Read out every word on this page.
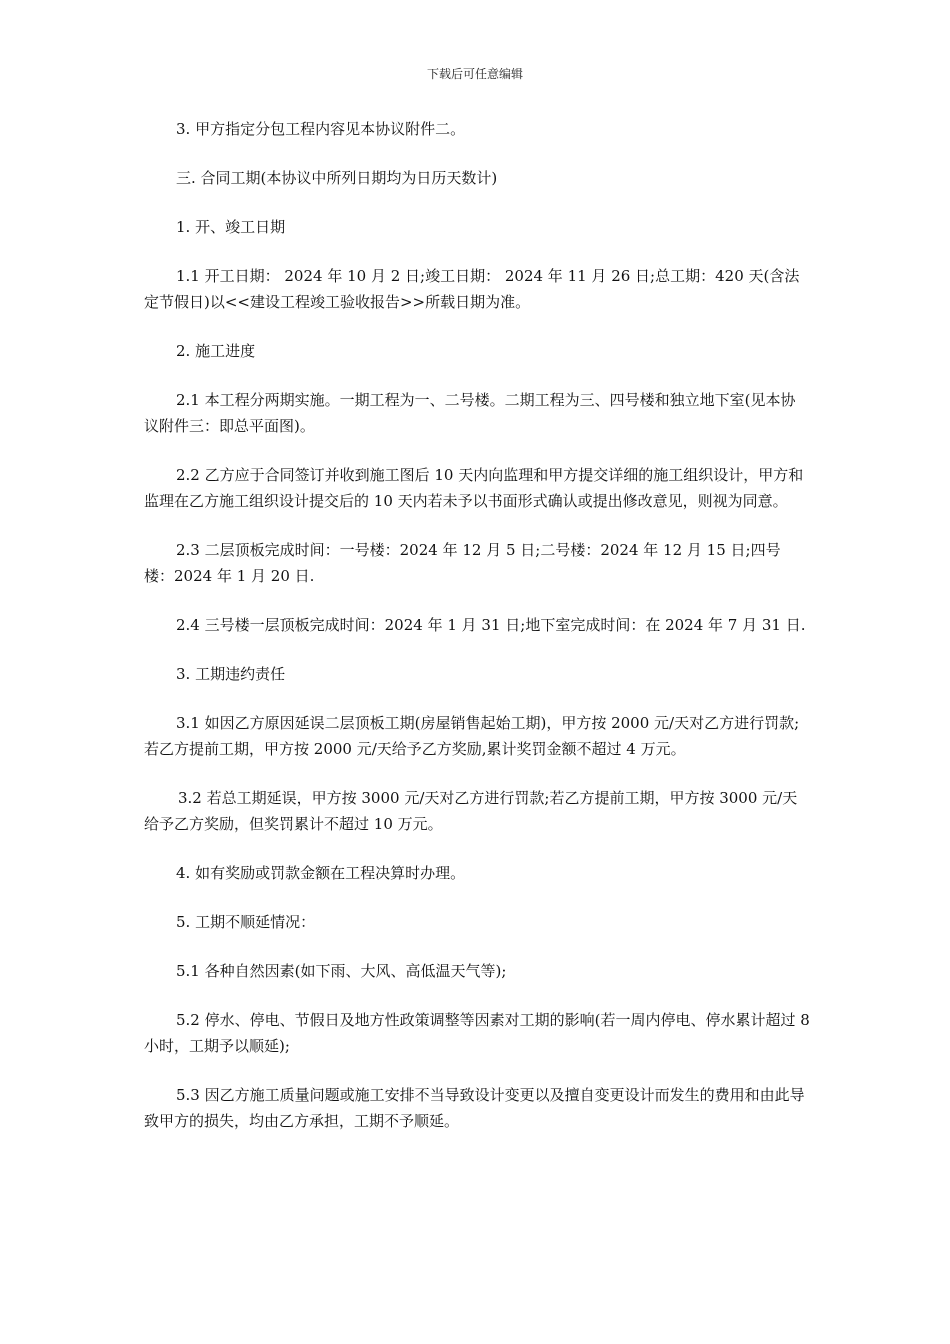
下载后可任意编辑

3. 甲方指定分包工程内容见本协议附件二。

三. 合同工期(本协议中所列日期均为日历天数计)

1. 开、竣工日期

1.1 开工日期： 2024 年 10 月 2 日;竣工日期： 2024 年 11 月 26 日;总工期：420 天(含法定节假日)以<<建设工程竣工验收报告>>所载日期为准。

2. 施工进度

2.1 本工程分两期实施。一期工程为一、二号楼。二期工程为三、四号楼和独立地下室(见本协议附件三：即总平面图)。

2.2 乙方应于合同签订并收到施工图后 10 天内向监理和甲方提交详细的施工组织设计，甲方和监理在乙方施工组织设计提交后的 10 天内若未予以书面形式确认或提出修改意见，则视为同意。

2.3 二层顶板完成时间：一号楼：2024 年 12 月 5 日;二号楼：2024 年 12 月 15 日;四号楼：2024 年 1 月 20 日.

2.4 三号楼一层顶板完成时间：2024 年 1 月 31 日;地下室完成时间：在 2024 年 7 月 31 日.

3. 工期违约责任

3.1 如因乙方原因延误二层顶板工期(房屋销售起始工期)，甲方按 2000 元/天对乙方进行罚款;若乙方提前工期，甲方按 2000 元/天给予乙方奖励,累计奖罚金额不超过 4 万元。

3.2 若总工期延误，甲方按 3000 元/天对乙方进行罚款;若乙方提前工期，甲方按 3000 元/天给予乙方奖励，但奖罚累计不超过 10 万元。

4. 如有奖励或罚款金额在工程决算时办理。

5. 工期不顺延情况：

5.1 各种自然因素(如下雨、大风、高低温天气等);

5.2 停水、停电、节假日及地方性政策调整等因素对工期的影响(若一周内停电、停水累计超过 8 小时，工期予以顺延);

5.3 因乙方施工质量问题或施工安排不当导致设计变更以及擅自变更设计而发生的费用和由此导致甲方的损失，均由乙方承担，工期不予顺延。
